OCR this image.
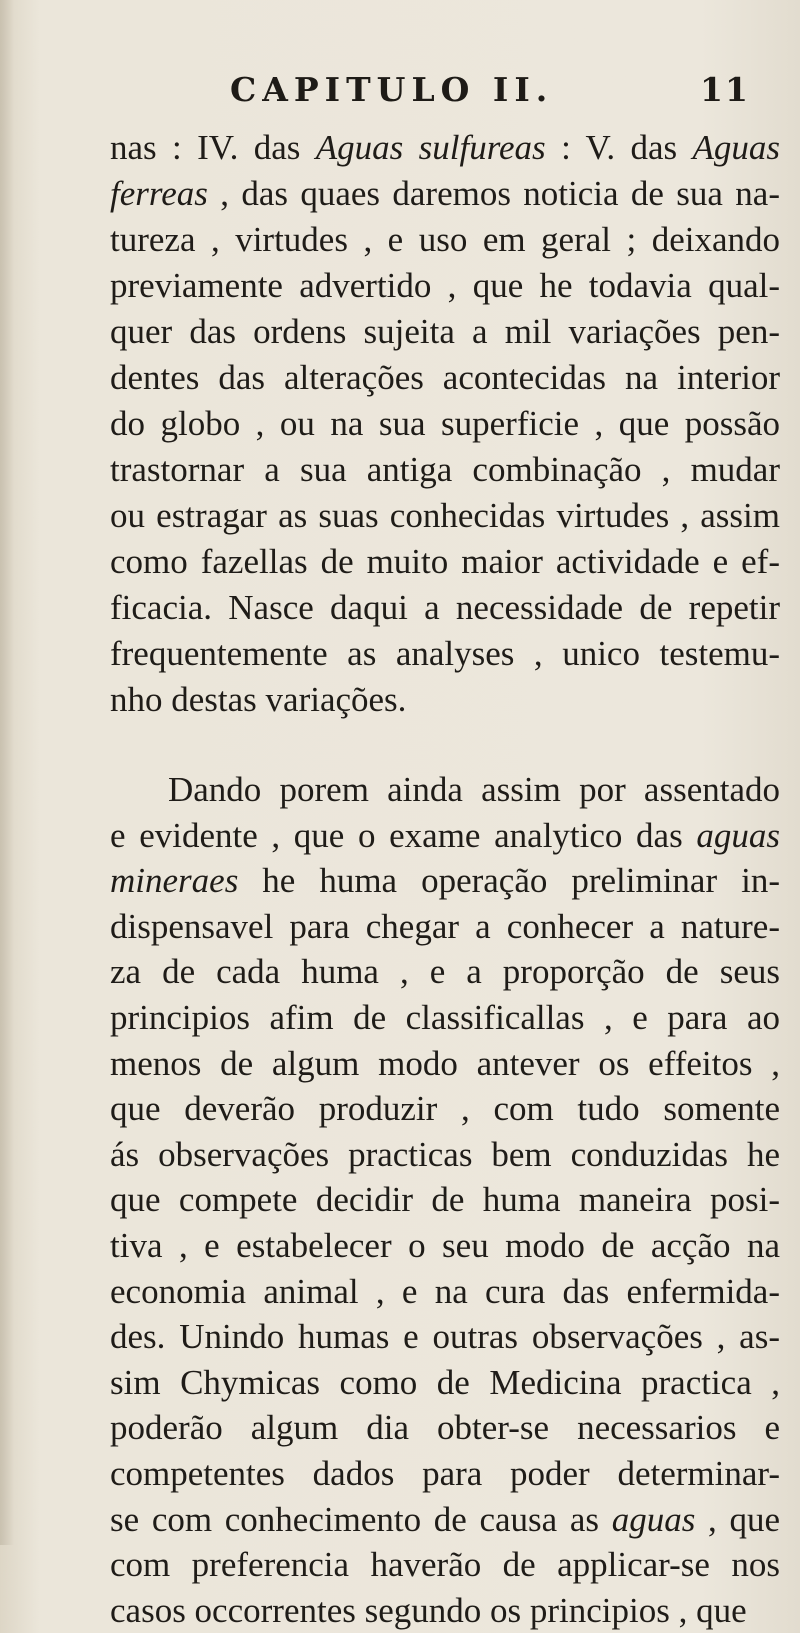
CAPITULO II.	11
nas : IV. das Aguas sulfureas : V. das Aguas
ferreas , das quaes daremos noticia de sua na-
tureza , virtudes , e uso em geral ; deixando
previamente advertido , que he todavia qual-
quer das ordens sujeita a mil variações pen-
dentes das alterações acontecidas na interior
do globo , ou na sua superficie , que possão
trastornar a sua antiga combinação , mudar
ou estragar as suas conhecidas virtudes , assim
como fazellas de muito maior actividade e ef-
ficacia. Nasce daqui a necessidade de repetir
frequentemente as analyses , unico testemu-
nho destas variações.
Dando porem ainda assim por assentado
e evidente , que o exame analytico das aguas
mineraes he huma operação preliminar in-
dispensavel para chegar a conhecer a nature-
za de cada huma , e a proporção de seus
principios afim de classificallas , e para ao
menos de algum modo antever os effeitos ,
que deverão produzir , com tudo somente
ás observações practicas bem conduzidas he
que compete decidir de huma maneira posi-
tiva , e estabelecer o seu modo de acção na
economia animal , e na cura das enfermida-
des. Unindo humas e outras observações , as-
sim Chymicas como de Medicina practica ,
poderão algum dia obter-se necessarios e
competentes dados para poder determinar-
se com conhecimento de causa as aguas , que
com preferencia haverão de applicar-se nos
casos occorrentes segundo os principios , que
